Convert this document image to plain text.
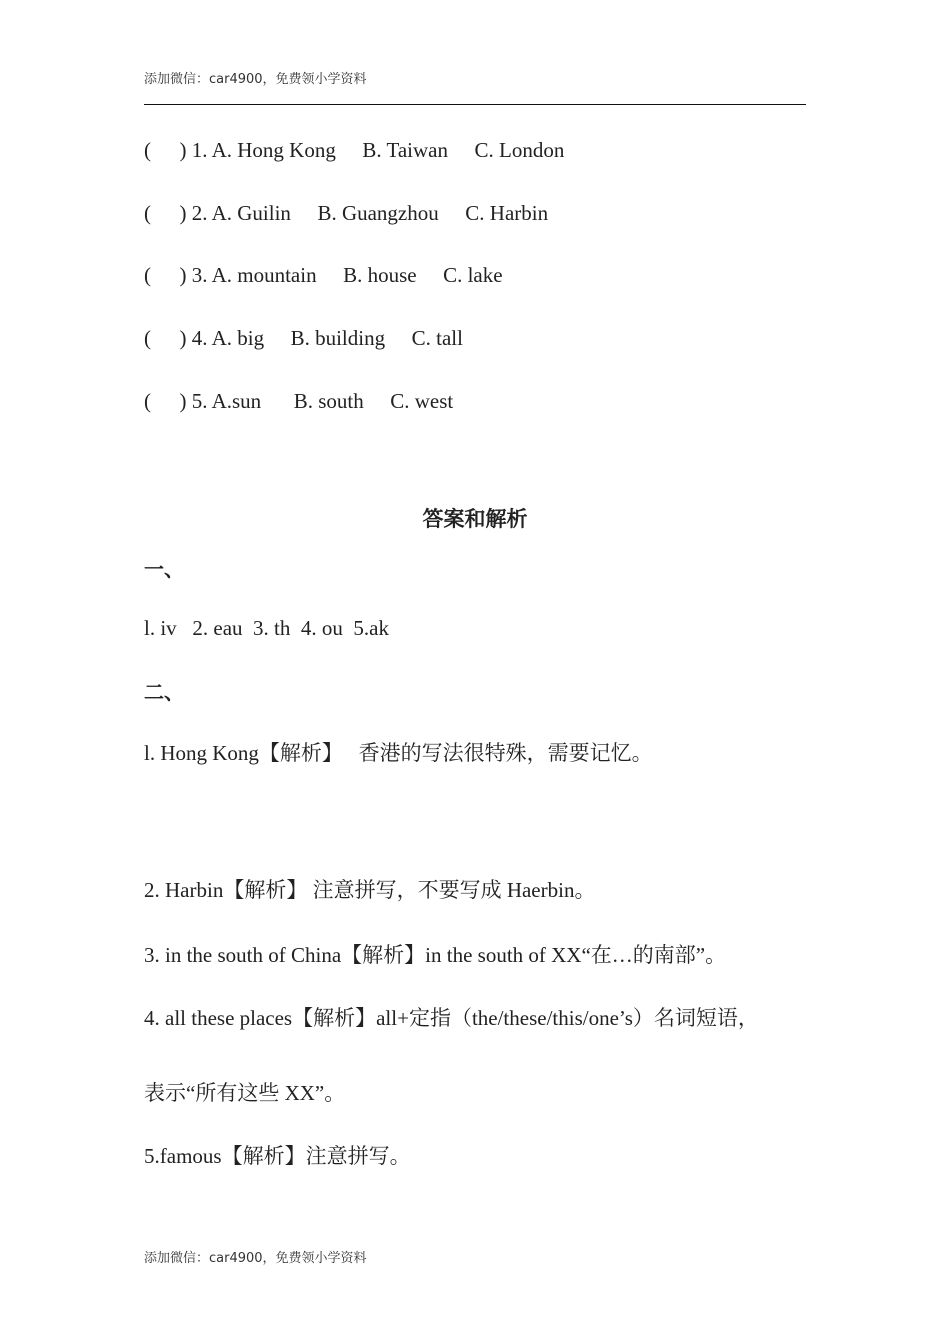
添加微信：car4900，免费领小学资料
( ) 1. A. Hong Kong B. Taiwan C. London
( ) 2. A. Guilin B. Guangzhou C. Harbin
( ) 3. A. mountain B. house C. lake
( ) 4. A. big B. building C. tall
( ) 5. A.sun B. south C. west
答案和解析
一、
l. iv   2. eau  3. th  4. ou  5.ak
二、
l. Hong Kong【解析】   香港的写法很特殊，需要记忆。
2. Harbin【解析】 注意拼写，不要写成 Haerbin。
3. in the south of China【解析】in the south of XX“在…的南部”。
4. all these places【解析】all+定指（the/these/this/one’s）名词短语，
表示“所有这些 XX”。
5.famous【解析】注意拼写。
添加微信：car4900，免费领小学资料
